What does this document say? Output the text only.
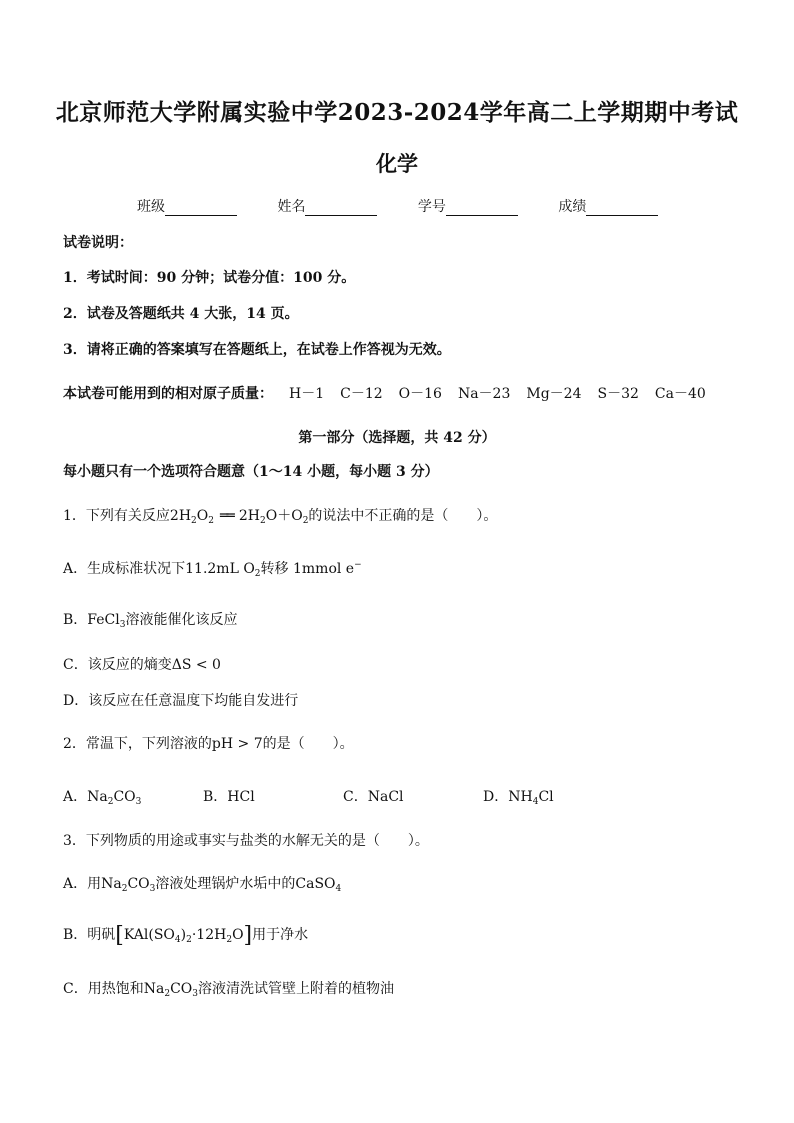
北京师范大学附属实验中学2023-2024学年高二上学期期中考试
化学
班级	姓名	学号	成绩
试卷说明：
1．考试时间：90 分钟；试卷分值：100 分。
2．试卷及答题纸共 4 大张，14 页。
3．请将正确的答案填写在答题纸上，在试卷上作答视为无效。
本试卷可能用到的相对原子质量： H－1 C－12 O－16 Na－23 Mg－24 S－32 Ca－40
第一部分（选择题，共 42 分）
每小题只有一个选项符合题意（1～14 小题，每小题 3 分）
1．下列有关反应$2H_2O_2$ ══ $2H_2O+O_2$的说法中不正确的是（　　）。
A．生成标准状况下11.2mL $O_2$转移 1mmol e−
B．FeCl$_3$溶液能催化该反应
C．该反应的熵变ΔS < 0
D．该反应在任意温度下均能自发进行
2．常温下，下列溶液的pH > 7的是（　　）。
A．$Na_2CO_3$	B．HCl	C．NaCl	D．$NH_4Cl$
3．下列物质的用途或事实与盐类的水解无关的是（　　）。
A．用$Na_2CO_3$溶液处理锅炉水垢中的CaSO$_4$
B．明矾$[KAl(SO_4)_2\cdot 12H_2O]$用于净水
C．用热饱和$Na_2CO_3$溶液清洗试管壁上附着的植物油
